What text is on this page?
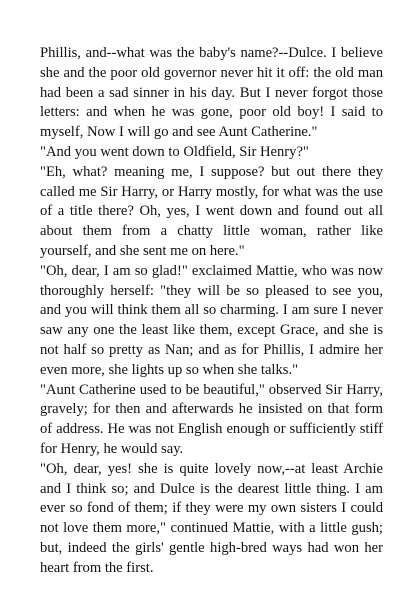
Phillis, and--what was the baby's name?--Dulce. I believe she and the poor old governor never hit it off: the old man had been a sad sinner in his day. But I never forgot those letters: and when he was gone, poor old boy! I said to myself, Now I will go and see Aunt Catherine."

"And you went down to Oldfield, Sir Henry?"

"Eh, what? meaning me, I suppose? but out there they called me Sir Harry, or Harry mostly, for what was the use of a title there? Oh, yes, I went down and found out all about them from a chatty little woman, rather like yourself, and she sent me on here."

"Oh, dear, I am so glad!" exclaimed Mattie, who was now thoroughly herself: "they will be so pleased to see you, and you will think them all so charming. I am sure I never saw any one the least like them, except Grace, and she is not half so pretty as Nan; and as for Phillis, I admire her even more, she lights up so when she talks."

"Aunt Catherine used to be beautiful," observed Sir Harry, gravely; for then and afterwards he insisted on that form of address. He was not English enough or sufficiently stiff for Henry, he would say.

"Oh, dear, yes! she is quite lovely now,--at least Archie and I think so; and Dulce is the dearest little thing. I am ever so fond of them; if they were my own sisters I could not love them more," continued Mattie, with a little gush; but, indeed the girls' gentle high-bred ways had won her heart from the first.
